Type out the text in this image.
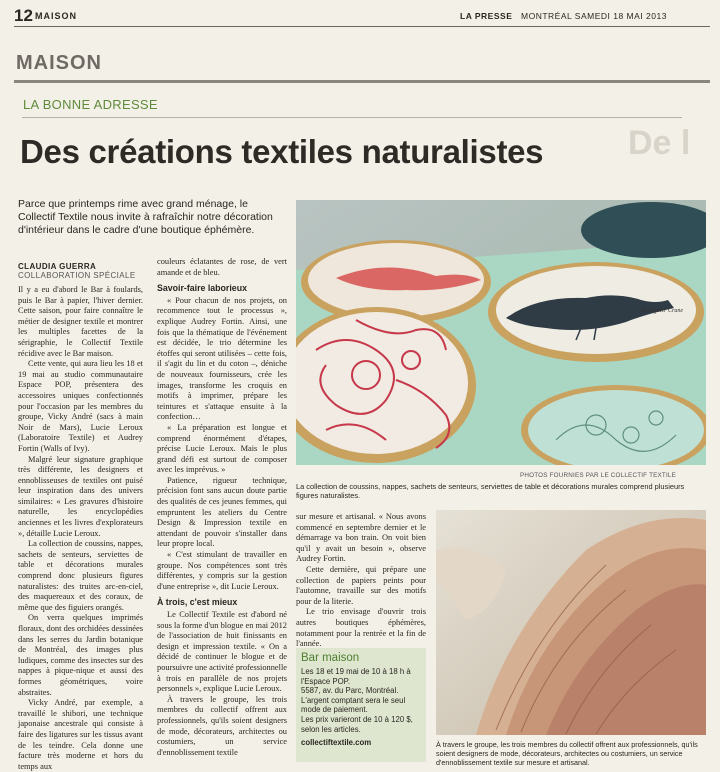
12 MAISON	LA PRESSE MONTRÉAL SAMEDI 18 MAI 2013
MAISON
De l
LA BONNE ADRESSE
Des créations textiles naturalistes
Parce que printemps rime avec grand ménage, le Collectif Textile nous invite à rafraîchir notre décoration d'intérieur dans le cadre d'une boutique éphémère.
CLAUDIA GUERRA
COLLABORATION SPÉCIALE

Il y a eu d'abord le Bar à foulards, puis le Bar à papier, l'hiver dernier. Cette saison, pour faire connaître le métier de designer textile et montrer les multiples facettes de la sérigraphie, le Collectif Textile récidive avec le Bar maison.

Cette vente, qui aura lieu les 18 et 19 mai au studio communautaire Espace POP, présentera des accessoires uniques confectionnés pour l'occasion par les membres du groupe, Vicky André (sacs à main Noir de Mars), Lucie Leroux (Laboratoire Textile) et Audrey Fortin (Walls of Ivy).

Malgré leur signature graphique très différente, les designers et ennoblisseuses de textiles ont puisé leur inspiration dans des univers similaires: « Les gravures d'histoire naturelle, les encyclopédies anciennes et les livres d'explorateurs », détaille Lucie Leroux.

La collection de coussins, nappes, sachets de senteurs, serviettes de table et décorations murales comprend donc plusieurs figures naturalistes: des truites arc-en-ciel, des maquereaux et des coraux, de même que des figuiers orangés.

On verra quelques imprimés floraux, dont des orchidées dessinées dans les serres du Jardin botanique de Montréal, des images plus ludiques, comme des insectes sur des nappes à pique-nique et aussi des formes géométriques, voire abstraites.

Vicky André, par exemple, a travaillé le shibori, une technique japonaise ancestrale qui consiste à faire des ligatures sur les tissus avant de les teindre. Cela donne une facture très moderne et hors du temps aux

couleurs éclatantes de rose, de vert amande et de bleu.

Savoir-faire laborieux

« Pour chacun de nos projets, on recommence tout le processus », explique Audrey Fortin. Ainsi, une fois que la thématique de l'événement est décidée, le trio détermine les étoffes qui seront utilisées – cette fois, il s'agit du lin et du coton –, déniche de nouveaux fournisseurs, crée les images, transforme les croquis en motifs à imprimer, prépare les teintures et s'attaque ensuite à la confection…

« La préparation est longue et comprend énormément d'étapes, précise Lucie Leroux. Mais le plus grand défi est surtout de composer avec les imprévus. »

Patience, rigueur technique, précision font sans aucun doute partie des qualités de ces jeunes femmes, qui empruntent les ateliers du Centre Design & Impression textile en attendant de pouvoir s'installer dans leur propre local.

« C'est stimulant de travailler en groupe. Nos compétences sont très différentes, y compris sur la gestion d'une entreprise », dit Lucie Leroux.

À trois, c'est mieux

Le Collectif Textile est d'abord né sous la forme d'un blogue en mai 2012 de l'association de huit finissants en design et impression textile. « On a décidé de continuer le blogue et de poursuivre une activité professionnelle à trois en parallèle de nos projets personnels », explique Lucie Leroux.

À travers le groupe, les trois membres du collectif offrent aux professionnels, qu'ils soient designers de mode, décorateurs, architectes ou costumiers, un service d'ennoblissement textile

Le Figuier Crane
PHOTOS FOURNIES PAR LE COLLECTIF TEXTILE
La collection de coussins, nappes, sachets de senteurs, serviettes de table et décorations murales comprend plusieurs figures naturalistes.

sur mesure et artisanal. « Nous avons commencé en septembre dernier et le démarrage va bon train. On voit bien qu'il y avait un besoin », observe Audrey Fortin.

Cette dernière, qui prépare une collection de papiers peints pour l'automne, travaille sur des motifs pour de la literie.

Le trio envisage d'ouvrir trois autres boutiques éphémères, notamment pour la rentrée et la fin de l'année.

Bar maison
Les 18 et 19 mai de 10 à 18 h à l'Espace POP.
5587, av. du Parc, Montréal.
L'argent comptant sera le seul mode de paiement.
Les prix varieront de 10 à 120 $, selon les articles.
collectiftextile.com	À travers le groupe, les trois membres du collectif offrent aux professionnels, qu'ils soient designers de mode, décorateurs, architectes ou costumiers, un service d'ennoblissement textile sur mesure et artisanal.
